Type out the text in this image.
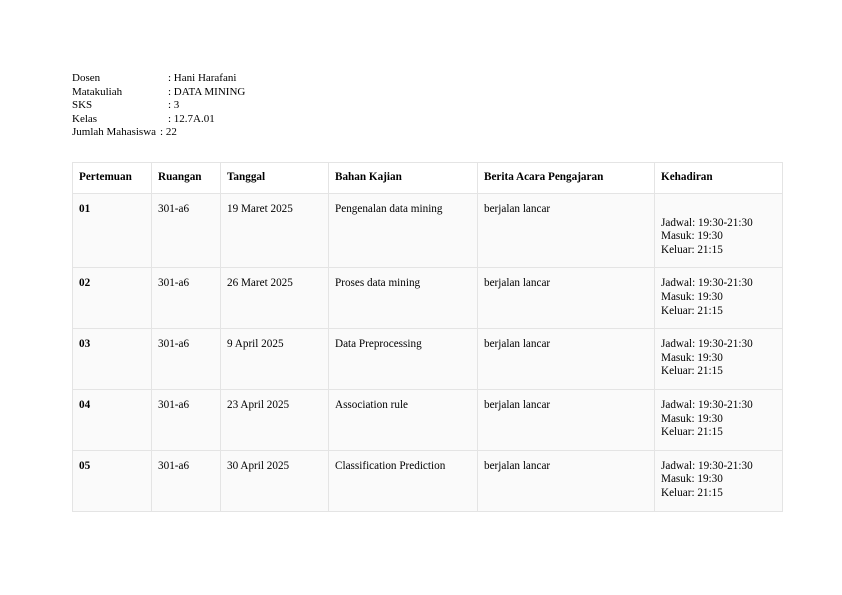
Dosen	: Hani Harafani
Matakuliah	: DATA MINING
SKS	: 3
Kelas	: 12.7A.01
Jumlah Mahasiswa : 22
Pertemuan	Ruangan	Tanggal	Bahan Kajian	Berita Acara Pengajaran	Kehadiran
01	301-a6	19 Maret 2025	Pengenalan data mining	berjalan lancar	Jadwal: 19:30-21:30
Masuk: 19:30
Keluar: 21:15

02	301-a6	26 Maret 2025	Proses data mining	berjalan lancar	Jadwal: 19:30-21:30
Masuk: 19:30
Keluar: 21:15

03	301-a6	9 April 2025	Data Preprocessing	berjalan lancar	Jadwal: 19:30-21:30
Masuk: 19:30
Keluar: 21:15

04	301-a6	23 April 2025	Association rule	berjalan lancar	Jadwal: 19:30-21:30
Masuk: 19:30
Keluar: 21:15

05	301-a6	30 April 2025	Classification Prediction	berjalan lancar	Jadwal: 19:30-21:30
Masuk: 19:30
Keluar: 21:15
